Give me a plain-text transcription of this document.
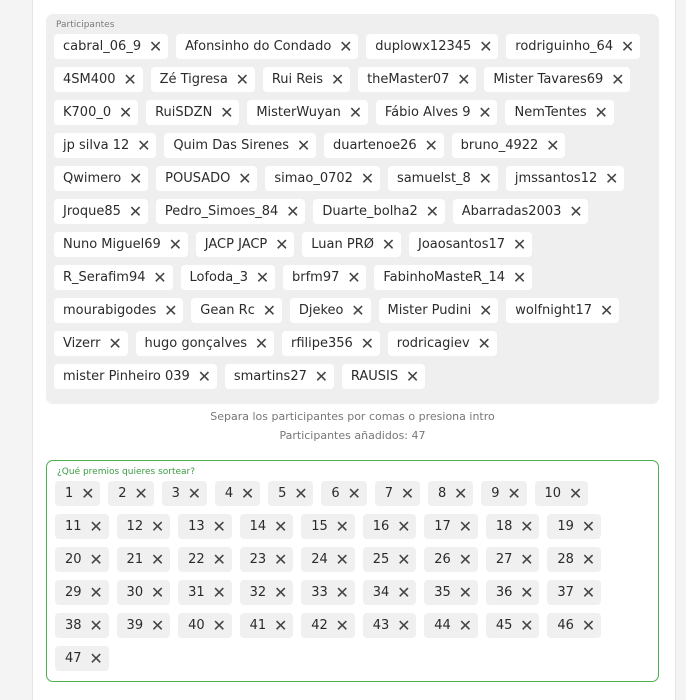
Participantes
cabral_06_9 ✕ Afonsinho do Condado ✕ duplowx12345 ✕ rodriguinho_64 ✕
4SM400 ✕ Zé Tigresa ✕ Rui Reis ✕ theMaster07 ✕ Mister Tavares69 ✕
K700_0 ✕ RuiSDZN ✕ MisterWuyan ✕ Fábio Alves 9 ✕ NemTentes ✕
jp silva 12 ✕ Quim Das Sirenes ✕ duartenoe26 ✕ bruno_4922 ✕
Qwimero ✕ POUSADO ✕ simao_0702 ✕ samuelst_8 ✕ jmssantos12 ✕
Jroque85 ✕ Pedro_Simoes_84 ✕ Duarte_bolha2 ✕ Abarradas2003 ✕
Nuno Miguel69 ✕ JACP JACP ✕ Luan PRØ ✕ Joaosantos17 ✕
R_Serafim94 ✕ Lofoda_3 ✕ brfm97 ✕ FabinhoMasteR_14 ✕
mourabigodes ✕ Gean Rc ✕ Djekeo ✕ Mister Pudini ✕ wolfnight17 ✕
Vizerr ✕ hugo gonçalves ✕ rfilipe356 ✕ rodricagiev ✕
mister Pinheiro 039 ✕ smartins27 ✕ RAUSIS ✕
Separa los participantes por comas o presiona intro
Participantes añadidos: 47
¿Qué premios quieres sortear?
1 ✕ 2 ✕ 3 ✕ 4 ✕ 5 ✕ 6 ✕ 7 ✕ 8 ✕ 9 ✕ 10 ✕
11 ✕ 12 ✕ 13 ✕ 14 ✕ 15 ✕ 16 ✕ 17 ✕ 18 ✕ 19 ✕
20 ✕ 21 ✕ 22 ✕ 23 ✕ 24 ✕ 25 ✕ 26 ✕ 27 ✕ 28 ✕
29 ✕ 30 ✕ 31 ✕ 32 ✕ 33 ✕ 34 ✕ 35 ✕ 36 ✕ 37 ✕
38 ✕ 39 ✕ 40 ✕ 41 ✕ 42 ✕ 43 ✕ 44 ✕ 45 ✕ 46 ✕
47 ✕
